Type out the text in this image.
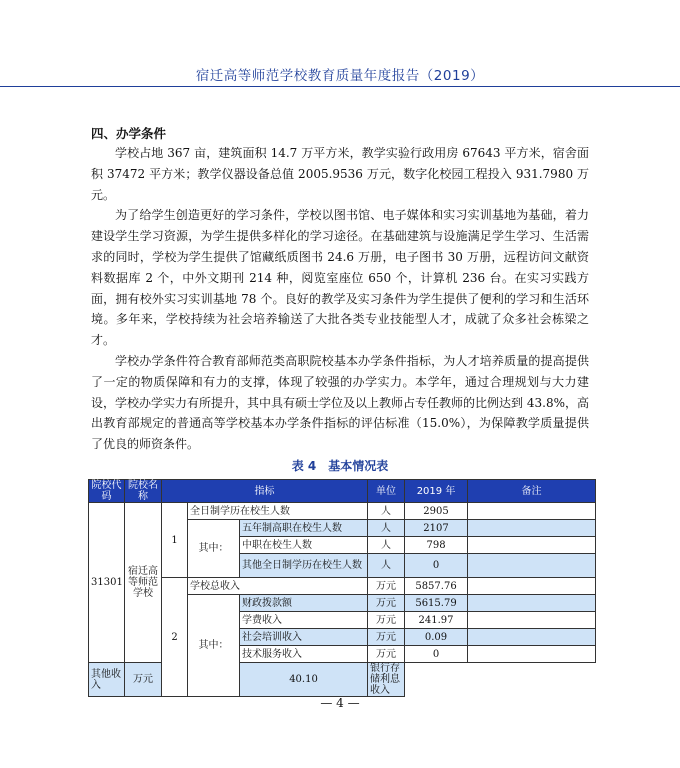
宿迁高等师范学校教育质量年度报告（2019）
四、办学条件

学校占地 367 亩，建筑面积 14.7 万平方米，教学实验行政用房 67643 平方米，宿舍面积 37472 平方米；教学仪器设备总值 2005.9536 万元，数字化校园工程投入 931.7980 万元。

为了给学生创造更好的学习条件，学校以图书馆、电子媒体和实习实训基地为基础，着力建设学生学习资源，为学生提供多样化的学习途径。在基础建筑与设施满足学生学习、生活需求的同时，学校为学生提供了馆藏纸质图书 24.6 万册，电子图书 30 万册，远程访问文献资料数据库 2 个，中外文期刊 214 种，阅览室座位 650 个，计算机 236 台。在实习实践方面，拥有校外实习实训基地 78 个。良好的教学及实习条件为学生提供了便利的学习和生活环境。多年来，学校持续为社会培养输送了大批各类专业技能型人才，成就了众多社会栋梁之才。

学校办学条件符合教育部师范类高职院校基本办学条件指标，为人才培养质量的提高提供了一定的物质保障和有力的支撑，体现了较强的办学实力。本学年，通过合理规划与大力建设，学校办学实力有所提升，其中具有硕士学位及以上教师占专任教师的比例达到 43.8%，高出教育部规定的普通高等学校基本办学条件指标的评估标准（15.0%），为保障教学质量提供了优良的师资条件。

表 4　基本情况表
院校代码	院校名称	指标			单位	2019 年	备注
31301	宿迁高等师范学校	1	全日制学历在校生人数		人	2905	
			其中：	五年制高职在校生人数	人	2107	
				中职在校生人数	人	798	
				其他全日制学历在校生人数	人	0	
		2	学校总收入		万元	5857.76	
			其中：	财政拨款额	万元	5615.79	
				学费收入	万元	241.97	
				社会培训收入	万元	0.09	
				技术服务收入	万元	0	
其他收入	万元			40.10	银行存储利息收入		
— 4 —
